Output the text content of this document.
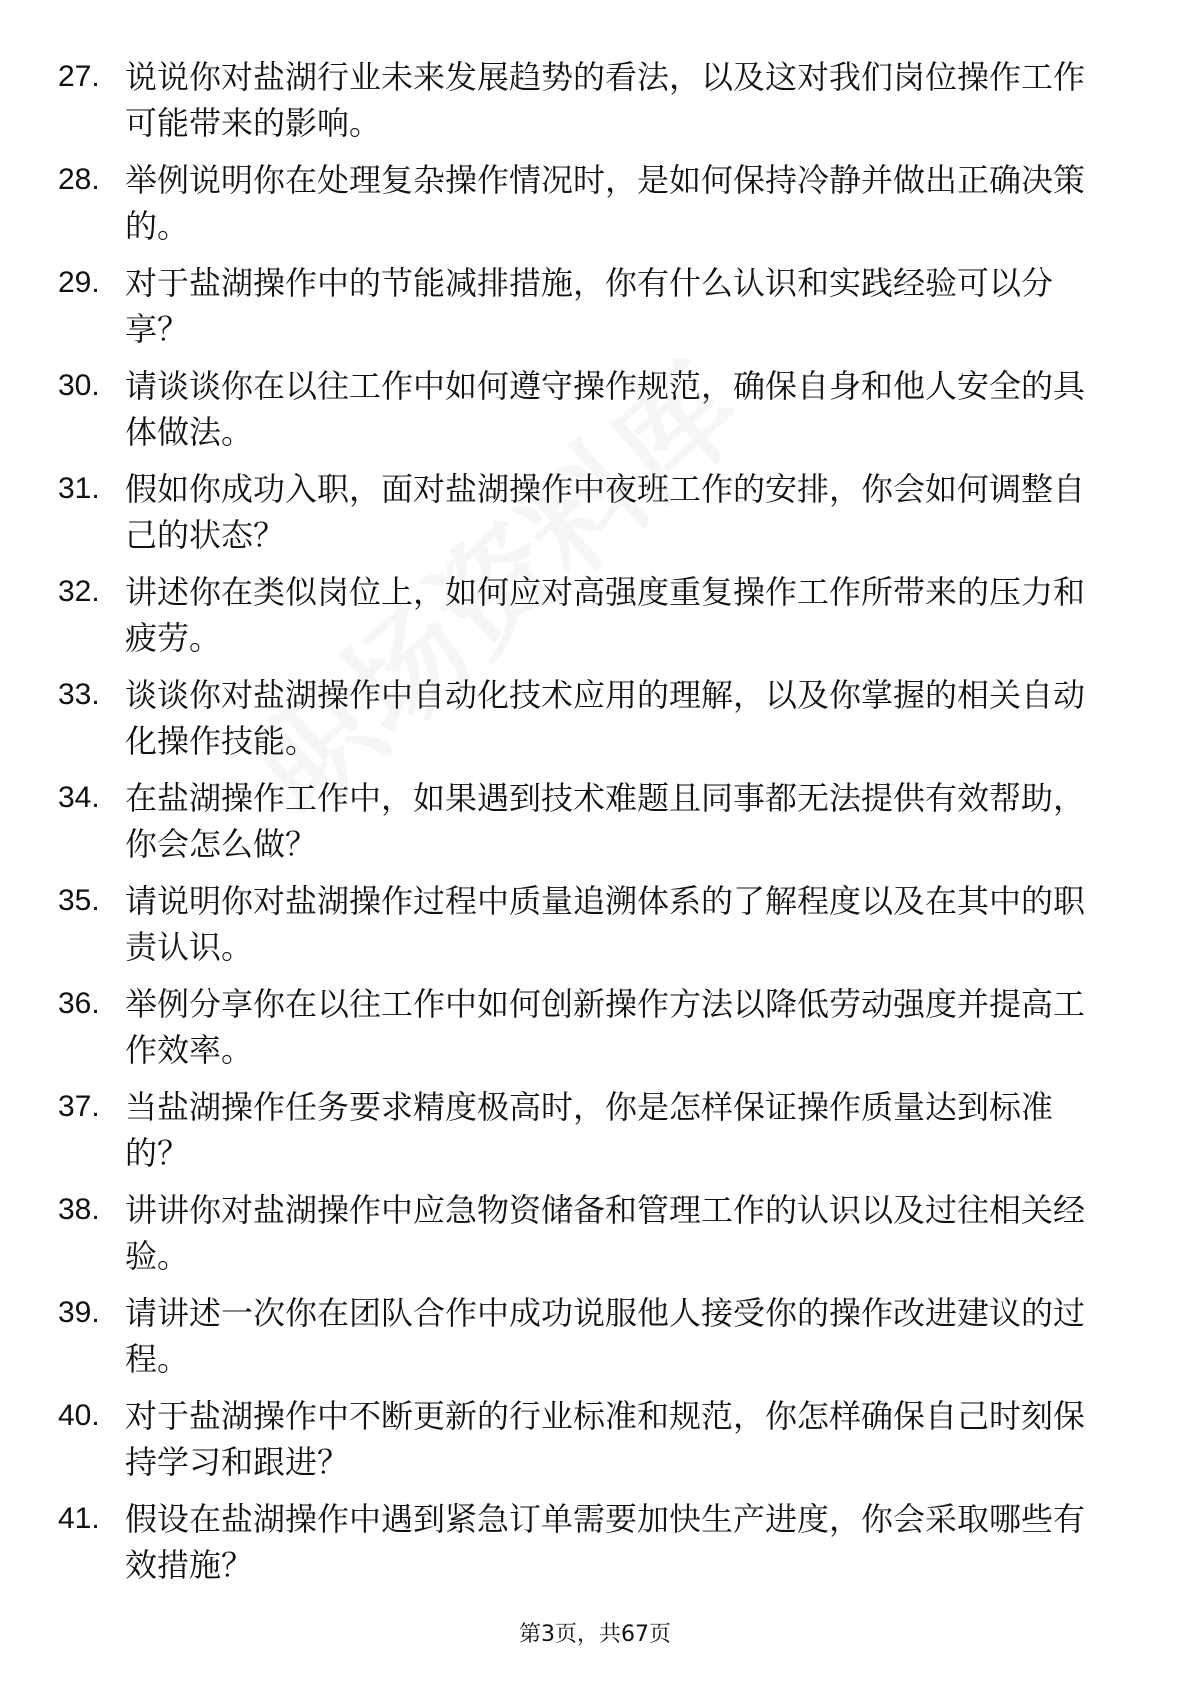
27. 说说你对盐湖行业未来发展趋势的看法，以及这对我们岗位操作工作可能带来的影响。
28. 举例说明你在处理复杂操作情况时，是如何保持冷静并做出正确决策的。
29. 对于盐湖操作中的节能减排措施，你有什么认识和实践经验可以分享？
30. 请谈谈你在以往工作中如何遵守操作规范，确保自身和他人安全的具体做法。
31. 假如你成功入职，面对盐湖操作中夜班工作的安排，你会如何调整自己的状态？
32. 讲述你在类似岗位上，如何应对高强度重复操作工作所带来的压力和疲劳。
33. 谈谈你对盐湖操作中自动化技术应用的理解，以及你掌握的相关自动化操作技能。
34. 在盐湖操作工作中，如果遇到技术难题且同事都无法提供有效帮助，你会怎么做？
35. 请说明你对盐湖操作过程中质量追溯体系的了解程度以及在其中的职责认识。
36. 举例分享你在以往工作中如何创新操作方法以降低劳动强度并提高工作效率。
37. 当盐湖操作任务要求精度极高时，你是怎样保证操作质量达到标准的？
38. 讲讲你对盐湖操作中应急物资储备和管理工作的认识以及过往相关经验。
39. 请讲述一次你在团队合作中成功说服他人接受你的操作改进建议的过程。
40. 对于盐湖操作中不断更新的行业标准和规范，你怎样确保自己时刻保持学习和跟进？
41. 假设在盐湖操作中遇到紧急订单需要加快生产进度，你会采取哪些有效措施？
第3页，共67页
